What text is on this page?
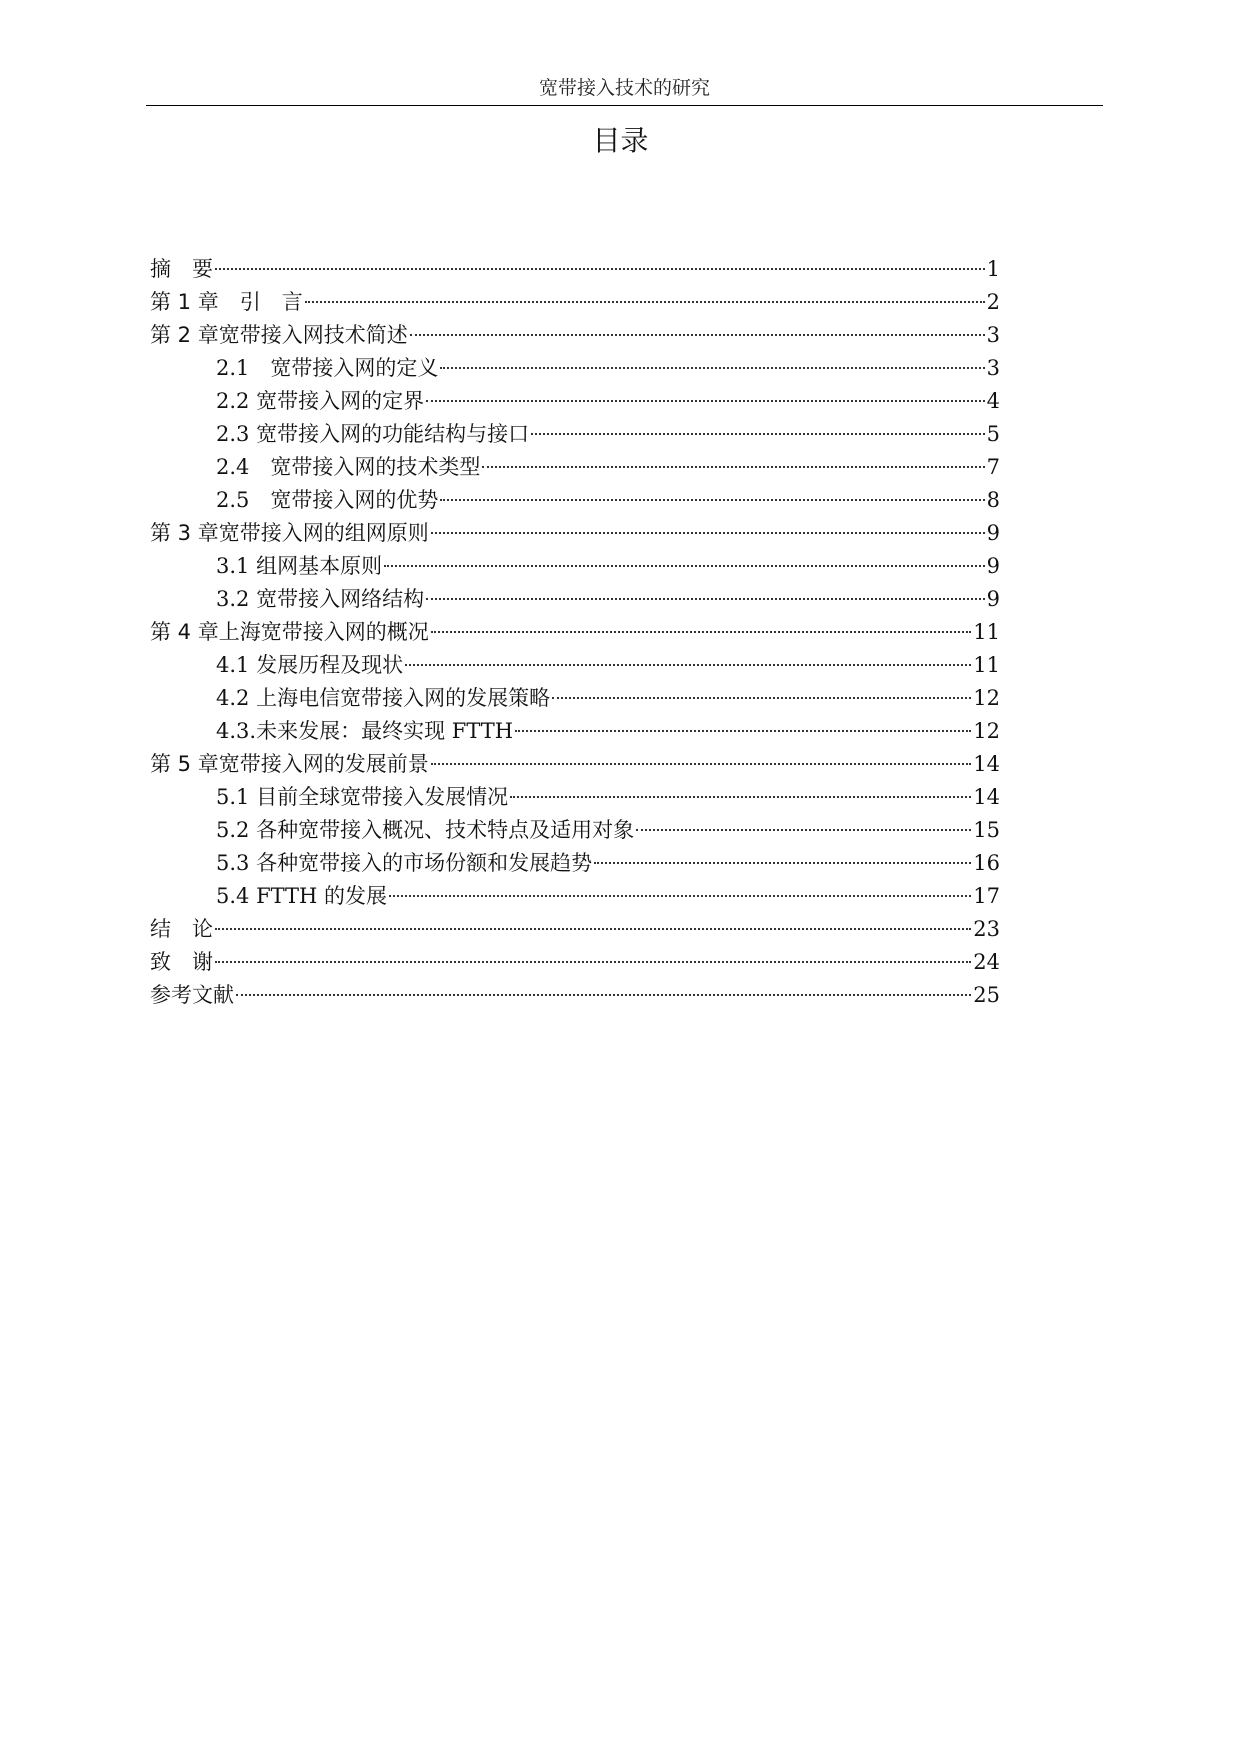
宽带接入技术的研究
目录
摘　要	1
第 1 章　引　言	2
第 2 章宽带接入网技术简述	3
2.1　宽带接入网的定义	3
2.2 宽带接入网的定界	4
2.3 宽带接入网的功能结构与接口	5
2.4　宽带接入网的技术类型	7
2.5　宽带接入网的优势	8
第 3 章宽带接入网的组网原则	9
3.1 组网基本原则	9
3.2 宽带接入网络结构	9
第 4 章上海宽带接入网的概况	11
4.1 发展历程及现状	11
4.2 上海电信宽带接入网的发展策略	12
4.3.未来发展：最终实现 FTTH	12
第 5 章宽带接入网的发展前景	14
5.1 目前全球宽带接入发展情况	14
5.2 各种宽带接入概况、技术特点及适用对象	15
5.3 各种宽带接入的市场份额和发展趋势	16
5.4 FTTH 的发展	17
结　论	23
致　谢	24
参考文献	25
